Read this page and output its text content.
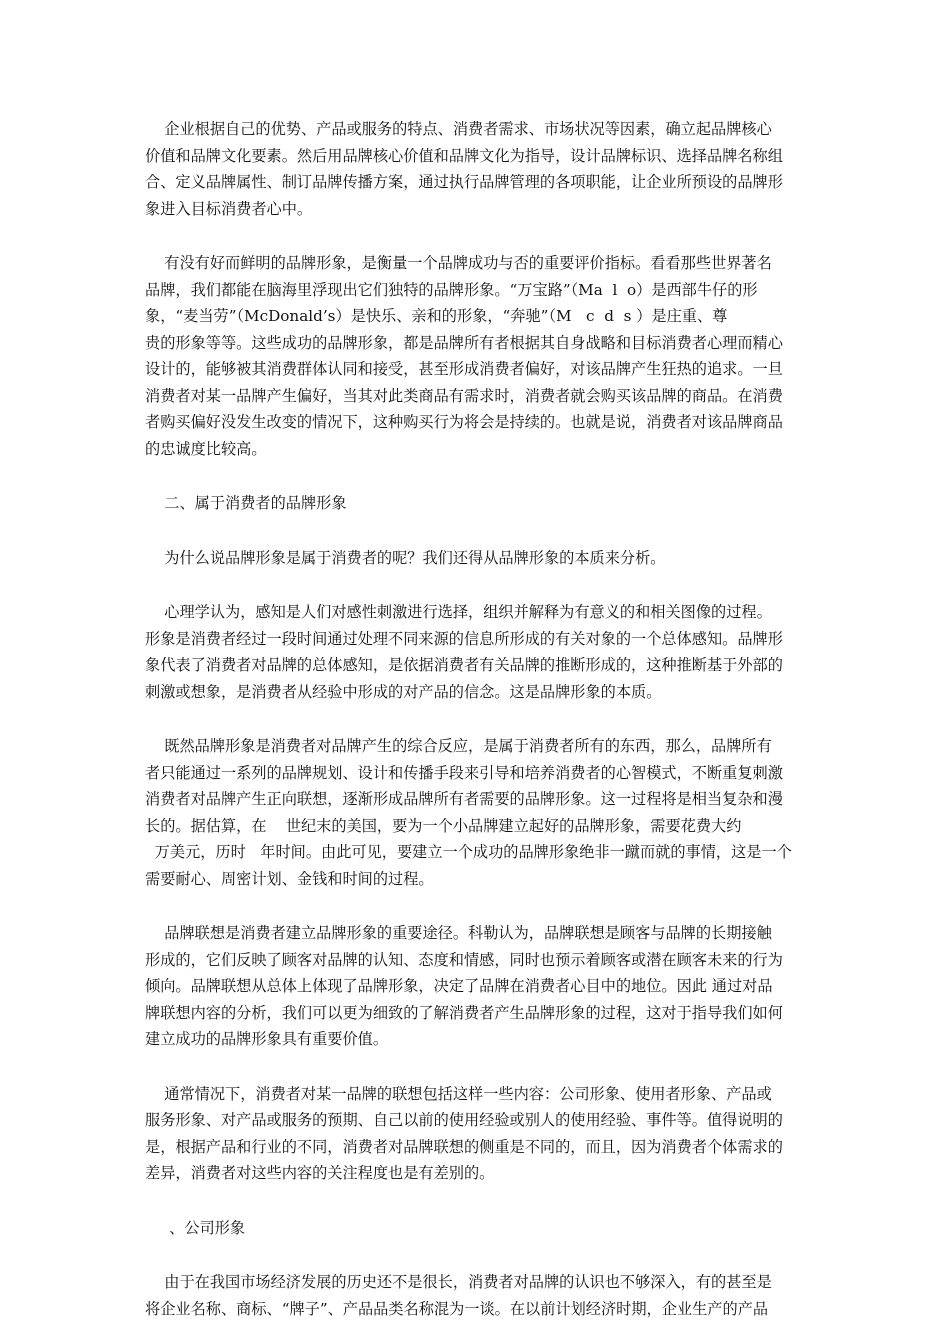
企业根据自己的优势、产品或服务的特点、消费者需求、市场状况等因素，确立起品牌核心
价值和品牌文化要素。然后用品牌核心价值和品牌文化为指导，设计品牌标识、选择品牌名称组
合、定义品牌属性、制订品牌传播方案，通过执行品牌管理的各项职能，让企业所预设的品牌形
象进入目标消费者心中。
有没有好而鲜明的品牌形象，是衡量一个品牌成功与否的重要评价指标。看看那些世界著名
品牌，我们都能在脑海里浮现出它们独特的品牌形象。“万宝路”（Ma  l  o）是西部牛仔的形
象，“麦当劳”（McDonald’s）是快乐、亲和的形象，“奔驰”（M   c  d  s ）是庄重、尊
贵的形象等等。这些成功的品牌形象，都是品牌所有者根据其自身战略和目标消费者心理而精心
设计的，能够被其消费群体认同和接受，甚至形成消费者偏好，对该品牌产生狂热的追求。一旦
消费者对某一品牌产生偏好，当其对此类商品有需求时，消费者就会购买该品牌的商品。在消费
者购买偏好没发生改变的情况下，这种购买行为将会是持续的。也就是说，消费者对该品牌商品
的忠诚度比较高。
二、属于消费者的品牌形象
为什么说品牌形象是属于消费者的呢？我们还得从品牌形象的本质来分析。
心理学认为，感知是人们对感性刺激进行选择，组织并解释为有意义的和相关图像的过程。
形象是消费者经过一段时间通过处理不同来源的信息所形成的有关对象的一个总体感知。品牌形
象代表了消费者对品牌的总体感知，是依据消费者有关品牌的推断形成的，这种推断基于外部的
刺激或想象，是消费者从经验中形成的对产品的信念。这是品牌形象的本质。
既然品牌形象是消费者对品牌产生的综合反应，是属于消费者所有的东西，那么，品牌所有
者只能通过一系列的品牌规划、设计和传播手段来引导和培养消费者的心智模式，不断重复刺激
消费者对品牌产生正向联想，逐渐形成品牌所有者需要的品牌形象。这一过程将是相当复杂和漫
长的。据估算，在    世纪末的美国，要为一个小品牌建立起好的品牌形象，需要花费大约
万美元，历时   年时间。由此可见，要建立一个成功的品牌形象绝非一蹴而就的事情，这是一个
需要耐心、周密计划、金钱和时间的过程。
品牌联想是消费者建立品牌形象的重要途径。科勒认为，品牌联想是顾客与品牌的长期接触
形成的，它们反映了顾客对品牌的认知、态度和情感，同时也预示着顾客或潜在顾客未来的行为
倾向。品牌联想从总体上体现了品牌形象，决定了品牌在消费者心目中的地位。因此 通过对品
牌联想内容的分析，我们可以更为细致的了解消费者产生品牌形象的过程，这对于指导我们如何
建立成功的品牌形象具有重要价值。
通常情况下，消费者对某一品牌的联想包括这样一些内容：公司形象、使用者形象、产品或
服务形象、对产品或服务的预期、自己以前的使用经验或别人的使用经验、事件等。值得说明的
是，根据产品和行业的不同，消费者对品牌联想的侧重是不同的，而且，因为消费者个体需求的
差异，消费者对这些内容的关注程度也是有差别的。
、公司形象
由于在我国市场经济发展的历史还不是很长，消费者对品牌的认识也不够深入，有的甚至是
将企业名称、商标、“牌子”、产品品类名称混为一谈。在以前计划经济时期，企业生产的产品
